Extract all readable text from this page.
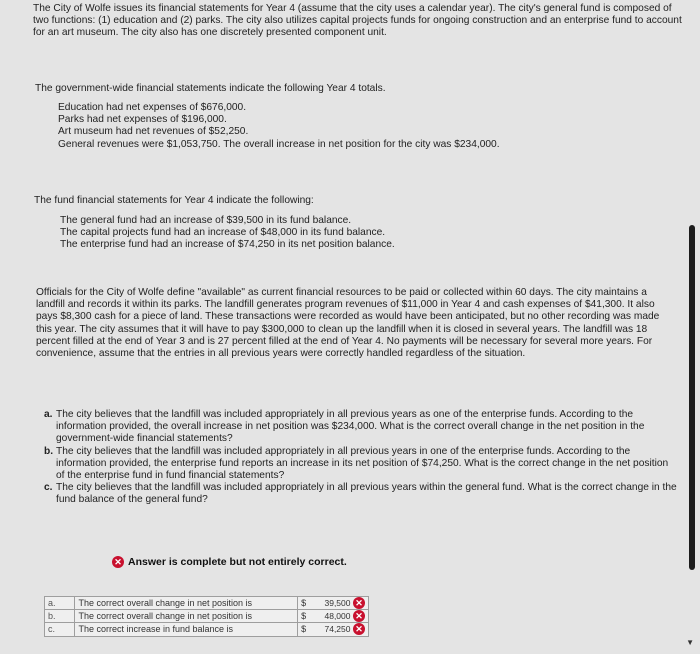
The City of Wolfe issues its financial statements for Year 4 (assume that the city uses a calendar year). The city's general fund is composed of two functions: (1) education and (2) parks. The city also utilizes capital projects funds for ongoing construction and an enterprise fund to account for an art museum. The city also has one discretely presented component unit.

The government-wide financial statements indicate the following Year 4 totals.

Education had net expenses of $676,000.
Parks had net expenses of $196,000.
Art museum had net revenues of $52,250.
General revenues were $1,053,750. The overall increase in net position for the city was $234,000.

The fund financial statements for Year 4 indicate the following:

The general fund had an increase of $39,500 in its fund balance.
The capital projects fund had an increase of $48,000 in its fund balance.
The enterprise fund had an increase of $74,250 in its net position balance.

Officials for the City of Wolfe define "available" as current financial resources to be paid or collected within 60 days. The city maintains a landfill and records it within its parks. The landfill generates program revenues of $11,000 in Year 4 and cash expenses of $41,300. It also pays $8,300 cash for a piece of land. These transactions were recorded as would have been anticipated, but no other recording was made this year. The city assumes that it will have to pay $300,000 to clean up the landfill when it is closed in several years. The landfill was 18 percent filled at the end of Year 3 and is 27 percent filled at the end of Year 4. No payments will be necessary for several more years. For convenience, assume that the entries in all previous years were correctly handled regardless of the situation.

a. The city believes that the landfill was included appropriately in all previous years as one of the enterprise funds. According to the information provided, the overall increase in net position was $234,000. What is the correct overall change in the net position in the government-wide financial statements?
b. The city believes that the landfill was included appropriately in all previous years in one of the enterprise funds. According to the information provided, the enterprise fund reports an increase in its net position of $74,250. What is the correct change in the net position of the enterprise fund in fund financial statements?
c. The city believes that the landfill was included appropriately in all previous years within the general fund. What is the correct change in the fund balance of the general fund?
✕ Answer is complete but not entirely correct.
a.	The correct overall change in net position is	$	39,500 ✕
b.	The correct overall change in net position is	$	48,000 ✕
c.	The correct increase in fund balance is	$	74,250 ✕
▼
